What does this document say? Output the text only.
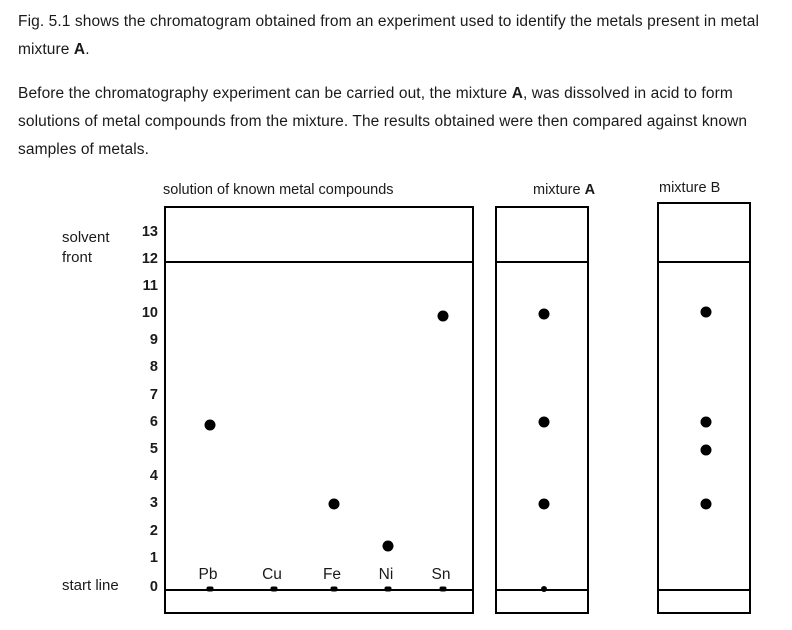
Fig. 5.1 shows the chromatogram obtained from an experiment used to identify the metals present in metal mixture A.

Before the chromatography experiment can be carried out, the mixture A, was dissolved in acid to form solutions of metal compounds from the mixture. The results obtained were then compared against known samples of metals.

solution of known metal compounds	mixture A	mixture B
solvent
front
start line
13
12
11
10
9
8
7
6
5
4
3
2
1
0
Pb	Cu	Fe Ni Sn
